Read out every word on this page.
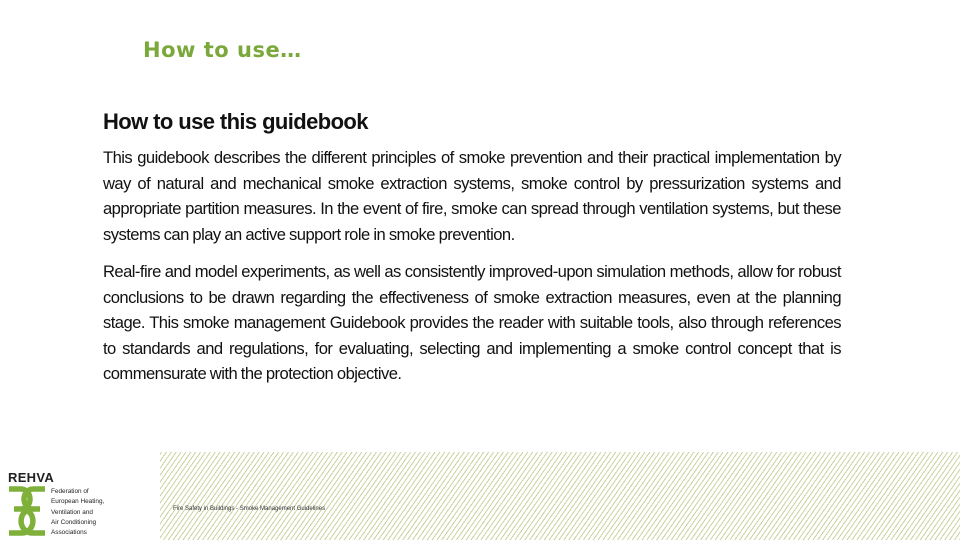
How to use…
How to use this guidebook

This guidebook describes the different principles of smoke prevention and their practical implementation by way of natural and mechanical smoke extraction systems, smoke control by pressurization systems and appropriate partition measures. In the event of fire, smoke can spread through ventilation systems, but these systems can play an active support role in smoke prevention.

Real-fire and model experiments, as well as consistently improved-upon simulation methods, allow for robust conclusions to be drawn regarding the effectiveness of smoke extraction measures, even at the planning stage. This smoke management Guidebook provides the reader with suitable tools, also through references to standards and regulations, for evaluating, selecting and implementing a smoke control concept that is commensurate with the protection objective.

Fire Safety in Buildings - Smoke Management Guidelines
REHVA
Federation of
European Heating,
Ventilation and
Air Conditioning
Associations
